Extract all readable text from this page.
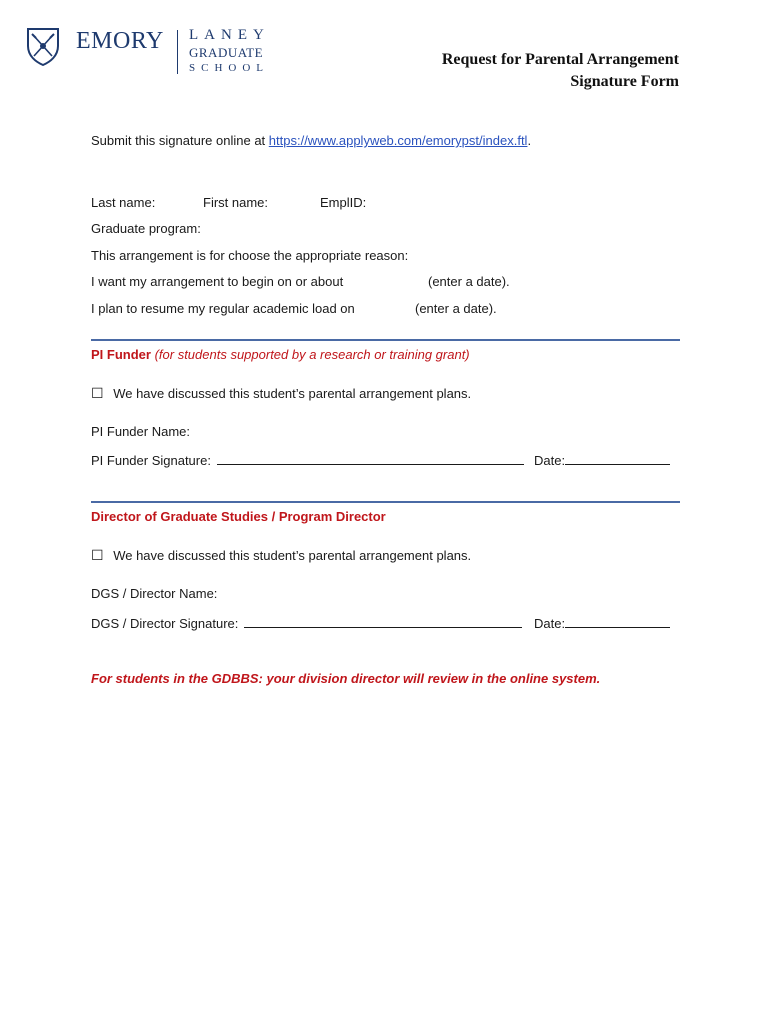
EMORY LANEY
GRADUATE
SCHOOL	Request for Parental Arrangement
Signature Form
Submit this signature online at https://www.applyweb.com/emorypst/index.ftl.
Last name:	First name:	EmplID:
Graduate program:
This arrangement is for choose the appropriate reason:
I want my arrangement to begin on or about	(enter a date).
I plan to resume my regular academic load on	(enter a date).
PI Funder (for students supported by a research or training grant)
☐ We have discussed this student’s parental arrangement plans.
PI Funder Name:
PI Funder Signature:	Date:
Director of Graduate Studies / Program Director
☐ We have discussed this student’s parental arrangement plans.
DGS / Director Name:
DGS / Director Signature:	Date:
For students in the GDBBS: your division director will review in the online system.
